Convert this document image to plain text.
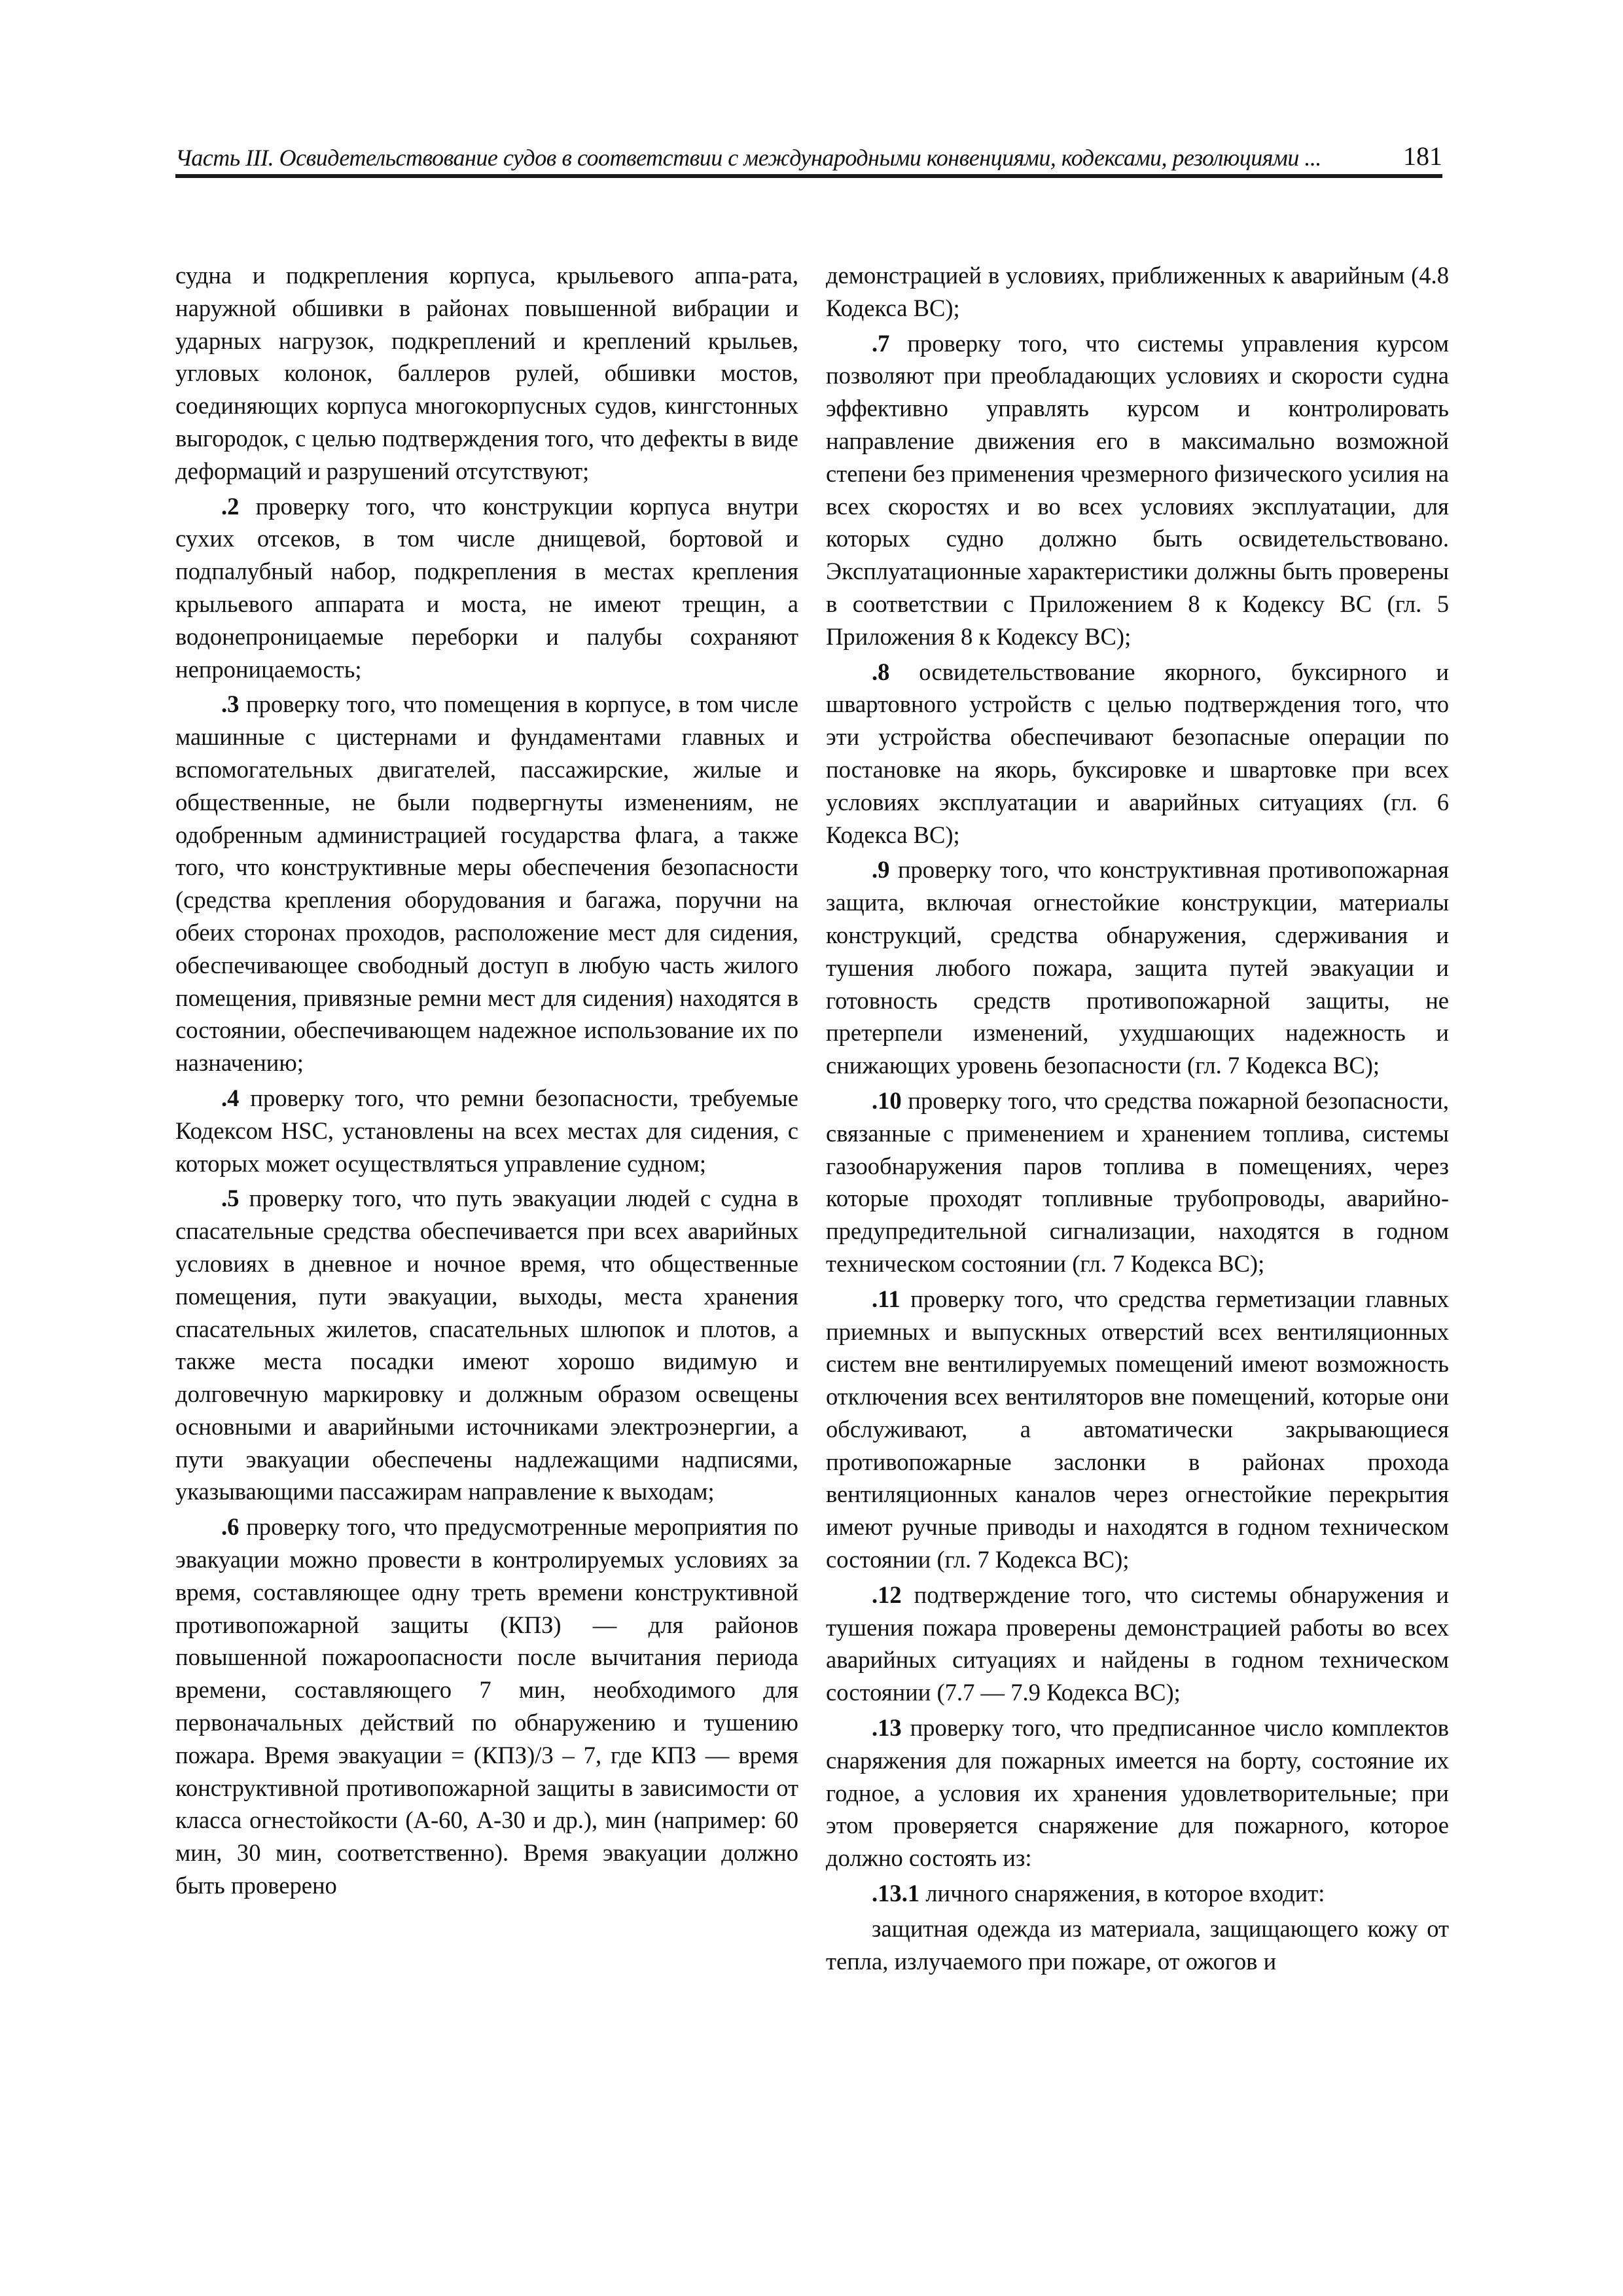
Часть III. Освидетельствование судов в соответствии с международными конвенциями, кодексами, резолюциями ...	181

судна и подкрепления корпуса, крыльевого аппа-рата, наружной обшивки в районах повышенной вибрации и ударных нагрузок, подкреплений и креплений крыльев, угловых колонок, баллеров рулей, обшивки мостов, соединяющих корпуса многокорпусных судов, кингстонных выгородок, с целью подтверждения того, что дефекты в виде деформаций и разрушений отсутствуют;

.2 проверку того, что конструкции корпуса внутри сухих отсеков, в том числе днищевой, бортовой и подпалубный набор, подкрепления в местах крепления крыльевого аппарата и моста, не имеют трещин, а водонепроницаемые переборки и палубы сохраняют непроницаемость;

.3 проверку того, что помещения в корпусе, в том числе машинные с цистернами и фундаментами главных и вспомогательных двигателей, пассажирские, жилые и общественные, не были подвергнуты изменениям, не одобренным администрацией государства флага, а также того, что конструктивные меры обеспечения безопасности (средства крепления оборудования и багажа, поручни на обеих сторонах проходов, расположение мест для сидения, обеспечивающее свободный доступ в любую часть жилого помещения, привязные ремни мест для сидения) находятся в состоянии, обеспечивающем надежное использование их по назначению;

.4 проверку того, что ремни безопасности, требуемые Кодексом HSC, установлены на всех местах для сидения, с которых может осуществляться управление судном;

.5 проверку того, что путь эвакуации людей с судна в спасательные средства обеспечивается при всех аварийных условиях в дневное и ночное время, что общественные помещения, пути эвакуации, выходы, места хранения спасательных жилетов, спасательных шлюпок и плотов, а также места посадки имеют хорошо видимую и долговечную маркировку и должным образом освещены основными и аварийными источниками электроэнергии, а пути эвакуации обеспечены надлежащими надписями, указывающими пассажирам направление к выходам;

.6 проверку того, что предусмотренные мероприятия по эвакуации можно провести в контролируемых условиях за время, составляющее одну треть времени конструктивной противопожарной защиты (КПЗ) — для районов повышенной пожароопасности после вычитания периода времени, составляющего 7 мин, необходимого для первоначальных действий по обнаружению и тушению пожара. Время эвакуации = (КПЗ)/3 – 7, где КПЗ — время конструктивной противопожарной защиты в зависимости от класса огнестойкости (А-60, А-30 и др.), мин (например: 60 мин, 30 мин, соответственно). Время эвакуации должно быть проверено

демонстрацией в условиях, приближенных к аварийным (4.8 Кодекса ВС);

.7 проверку того, что системы управления курсом позволяют при преобладающих условиях и скорости судна эффективно управлять курсом и контролировать направление движения его в максимально возможной степени без применения чрезмерного физического усилия на всех скоростях и во всех условиях эксплуатации, для которых судно должно быть освидетельствовано. Эксплуатационные характеристики должны быть проверены в соответствии с Приложением 8 к Кодексу ВС (гл. 5 Приложения 8 к Кодексу ВС);

.8 освидетельствование якорного, буксирного и швартовного устройств с целью подтверждения того, что эти устройства обеспечивают безопасные операции по постановке на якорь, буксировке и швартовке при всех условиях эксплуатации и аварийных ситуациях (гл. 6 Кодекса ВС);

.9 проверку того, что конструктивная противопожарная защита, включая огнестойкие конструкции, материалы конструкций, средства обнаружения, сдерживания и тушения любого пожара, защита путей эвакуации и готовность средств противопожарной защиты, не претерпели изменений, ухудшающих надежность и снижающих уровень безопасности (гл. 7 Кодекса ВС);

.10 проверку того, что средства пожарной безопасности, связанные с применением и хранением топлива, системы газообнаружения паров топлива в помещениях, через которые проходят топливные трубопроводы, аварийно-предупредительной сигнализации, находятся в годном техническом состоянии (гл. 7 Кодекса ВС);

.11 проверку того, что средства герметизации главных приемных и выпускных отверстий всех вентиляционных систем вне вентилируемых помещений имеют возможность отключения всех вентиляторов вне помещений, которые они обслуживают, а автоматически закрывающиеся противопожарные заслонки в районах прохода вентиляционных каналов через огнестойкие перекрытия имеют ручные приводы и находятся в годном техническом состоянии (гл. 7 Кодекса ВС);

.12 подтверждение того, что системы обнаружения и тушения пожара проверены демонстрацией работы во всех аварийных ситуациях и найдены в годном техническом состоянии (7.7 — 7.9 Кодекса ВС);

.13 проверку того, что предписанное число комплектов снаряжения для пожарных имеется на борту, состояние их годное, а условия их хранения удовлетворительные; при этом проверяется снаряжение для пожарного, которое должно состоять из:

.13.1 личного снаряжения, в которое входит:

защитная одежда из материала, защищающего кожу от тепла, излучаемого при пожаре, от ожогов и
